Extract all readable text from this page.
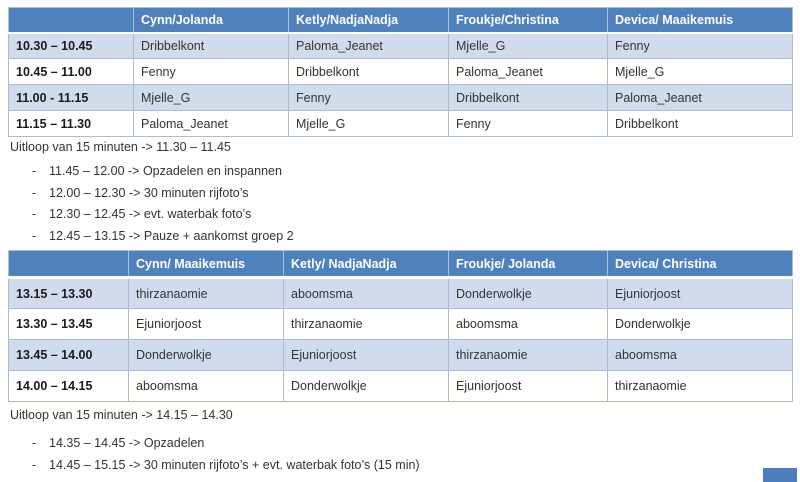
	Cynn/Jolanda	Ketly/NadjaNadja	Froukje/Christina	Devica/ Maaikemuis
10.30 – 10.45	Dribbelkont	Paloma_Jeanet	Mjelle_G	Fenny
10.45 – 11.00	Fenny	Dribbelkont	Paloma_Jeanet	Mjelle_G
11.00 - 11.15	Mjelle_G	Fenny	Dribbelkont	Paloma_Jeanet
11.15 – 11.30	Paloma_Jeanet	Mjelle_G	Fenny	Dribbelkont
Uitloop van 15 minuten -> 11.30 – 11.45
-	11.45 – 12.00 -> Opzadelen en inspannen
-	12.00 – 12.30 -> 30 minuten rijfoto’s
-	12.30 – 12.45 -> evt. waterbak foto’s
-	12.45 – 13.15 -> Pauze + aankomst groep 2
	Cynn/ Maaikemuis	Ketly/ NadjaNadja	Froukje/ Jolanda	Devica/ Christina
13.15 – 13.30	thirzanaomie	aboomsma	Donderwolkje	Ejuniorjoost
13.30 – 13.45	Ejuniorjoost	thirzanaomie	aboomsma	Donderwolkje
13.45 – 14.00	Donderwolkje	Ejuniorjoost	thirzanaomie	aboomsma
14.00 – 14.15	aboomsma	Donderwolkje	Ejuniorjoost	thirzanaomie
Uitloop van 15 minuten -> 14.15 – 14.30
-	14.35 – 14.45 -> Opzadelen
-	14.45 – 15.15 -> 30 minuten rijfoto’s + evt. waterbak foto’s (15 min)
